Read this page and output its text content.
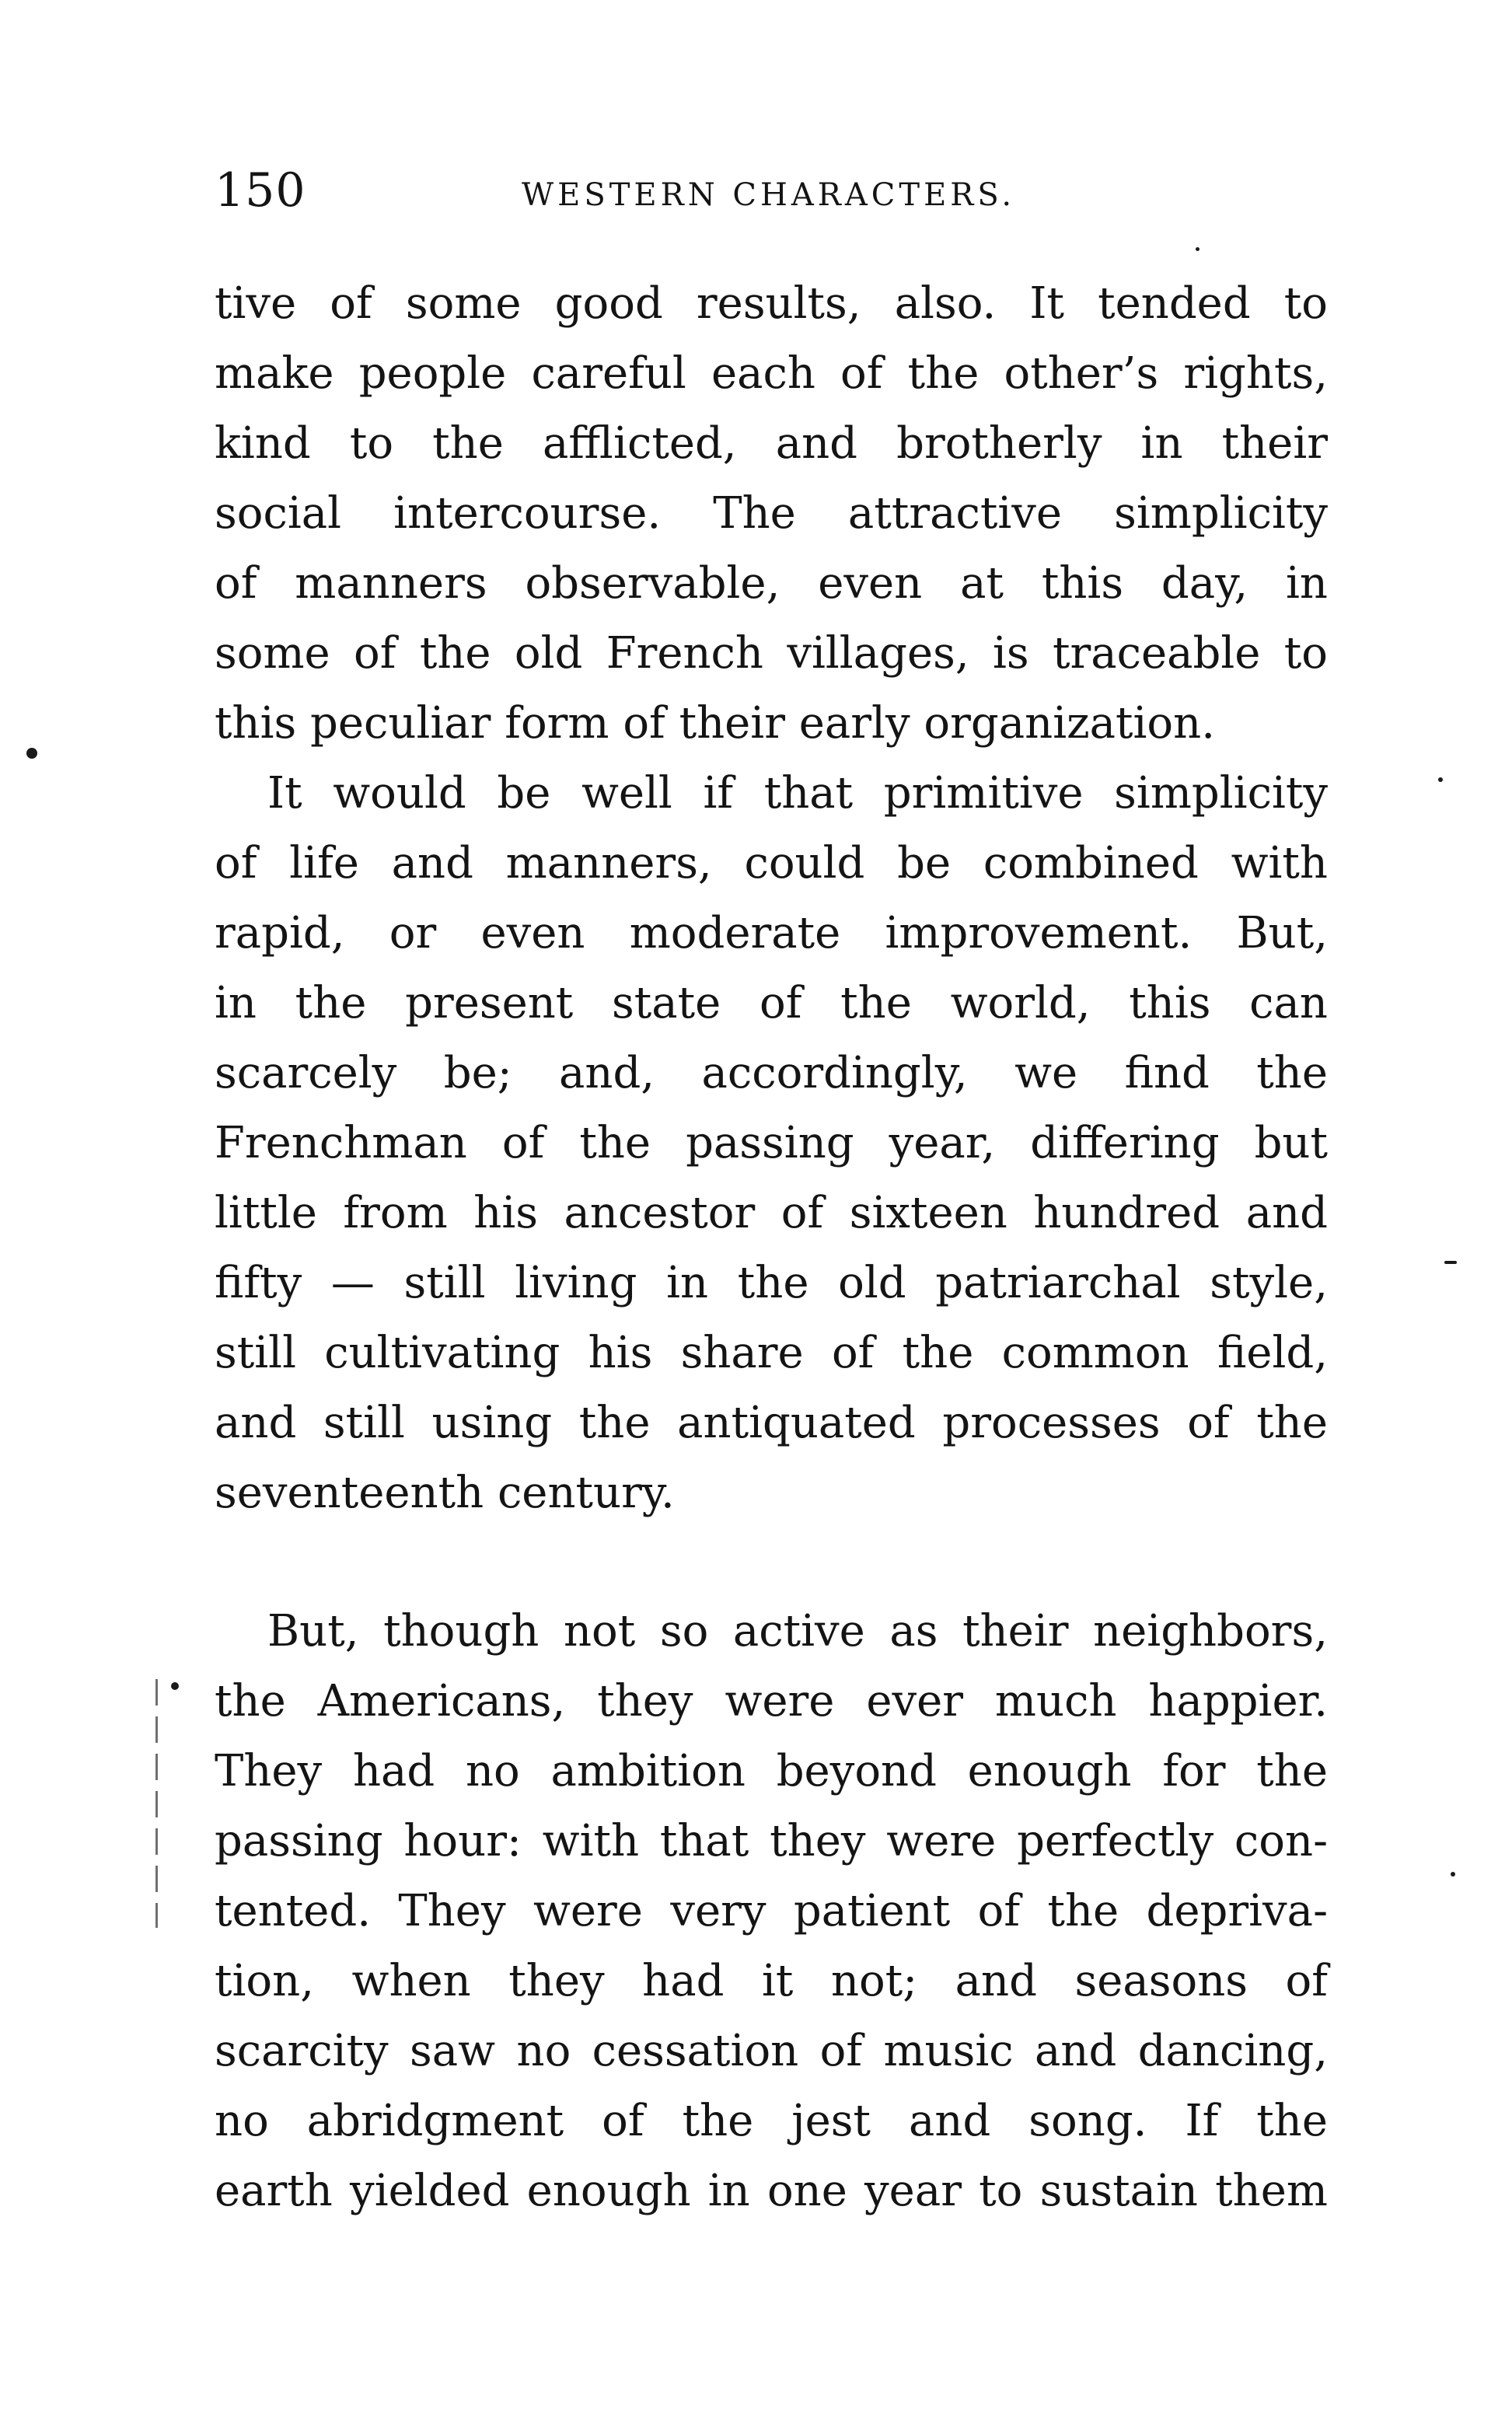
150	WESTERN CHARACTERS.
tive of some good results, also. It tended to
make people careful each of the other’s rights,
kind to the afflicted, and brotherly in their
social intercourse. The attractive simplicity
of manners observable, even at this day, in
some of the old French villages, is traceable to
this peculiar form of their early organization.
It would be well if that primitive simplicity
of life and manners, could be combined with
rapid, or even moderate improvement. But,
in the present state of the world, this can
scarcely be; and, accordingly, we find the
Frenchman of the passing year, differing but
little from his ancestor of sixteen hundred and
fifty — still living in the old patriarchal style,
still cultivating his share of the common field,
and still using the antiquated processes of the
seventeenth century.
But, though not so active as their neighbors,
the Americans, they were ever much happier.
They had no ambition beyond enough for the
passing hour: with that they were perfectly con-
tented. They were very patient of the depriva-
tion, when they had it not; and seasons of
scarcity saw no cessation of music and dancing,
no abridgment of the jest and song. If the
earth yielded enough in one year to sustain them
